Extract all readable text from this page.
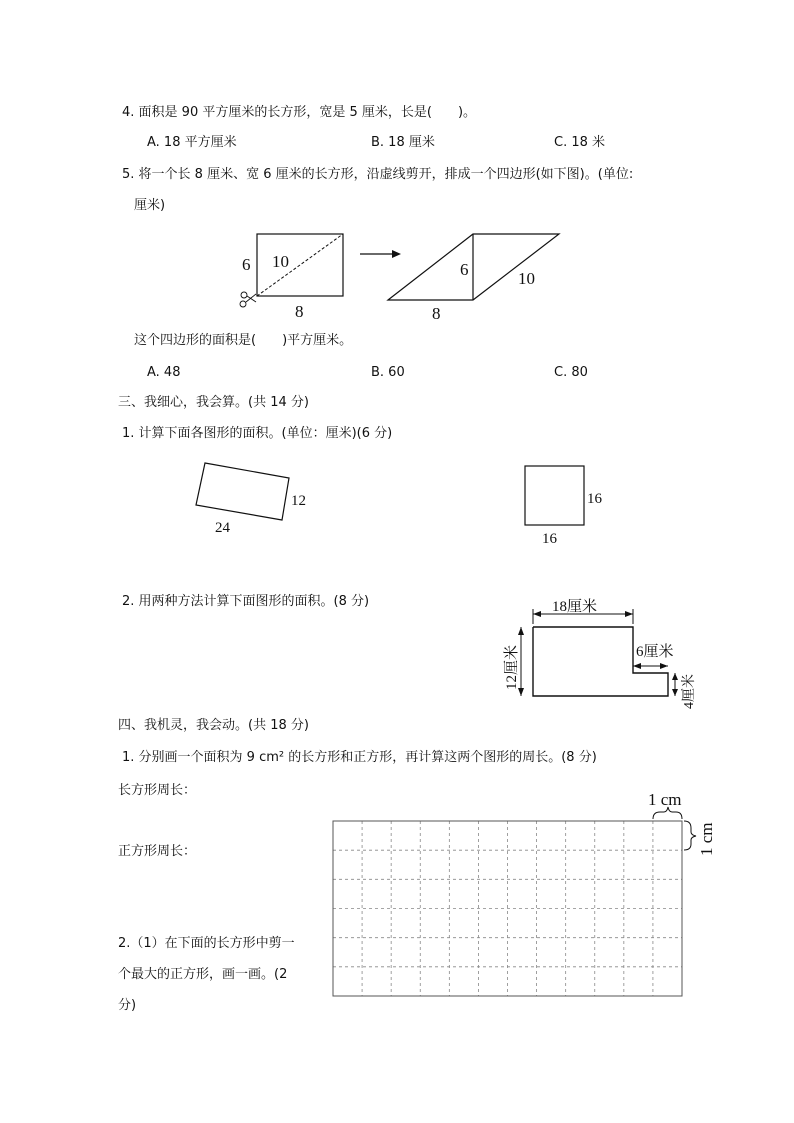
4. 面积是 90 平方厘米的长方形，宽是 5 厘米，长是(　　)。
A. 18 平方厘米	B. 18 厘米	C. 18 米
5. 将一个长 8 厘米、宽 6 厘米的长方形，沿虚线剪开，排成一个四边形(如下图)。(单位:
厘米)
6 10
8
6	10
8
这个四边形的面积是(　　)平方厘米。
A. 48	B. 60	C. 80
三、我细心，我会算。(共 14 分)
1. 计算下面各图形的面积。(单位：厘米)(6 分)
12
24
16
16
2. 用两种方法计算下面图形的面积。(8 分)	18厘米
12厘米	6厘米
4厘米
四、我机灵，我会动。(共 18 分)
1. 分别画一个面积为 9 cm² 的长方形和正方形，再计算这两个图形的周长。(8 分)
长方形周长：
正方形周长：
2.（1）在下面的长方形中剪一
个最大的正方形，画一画。(2
分)
1 cm
1 cm
